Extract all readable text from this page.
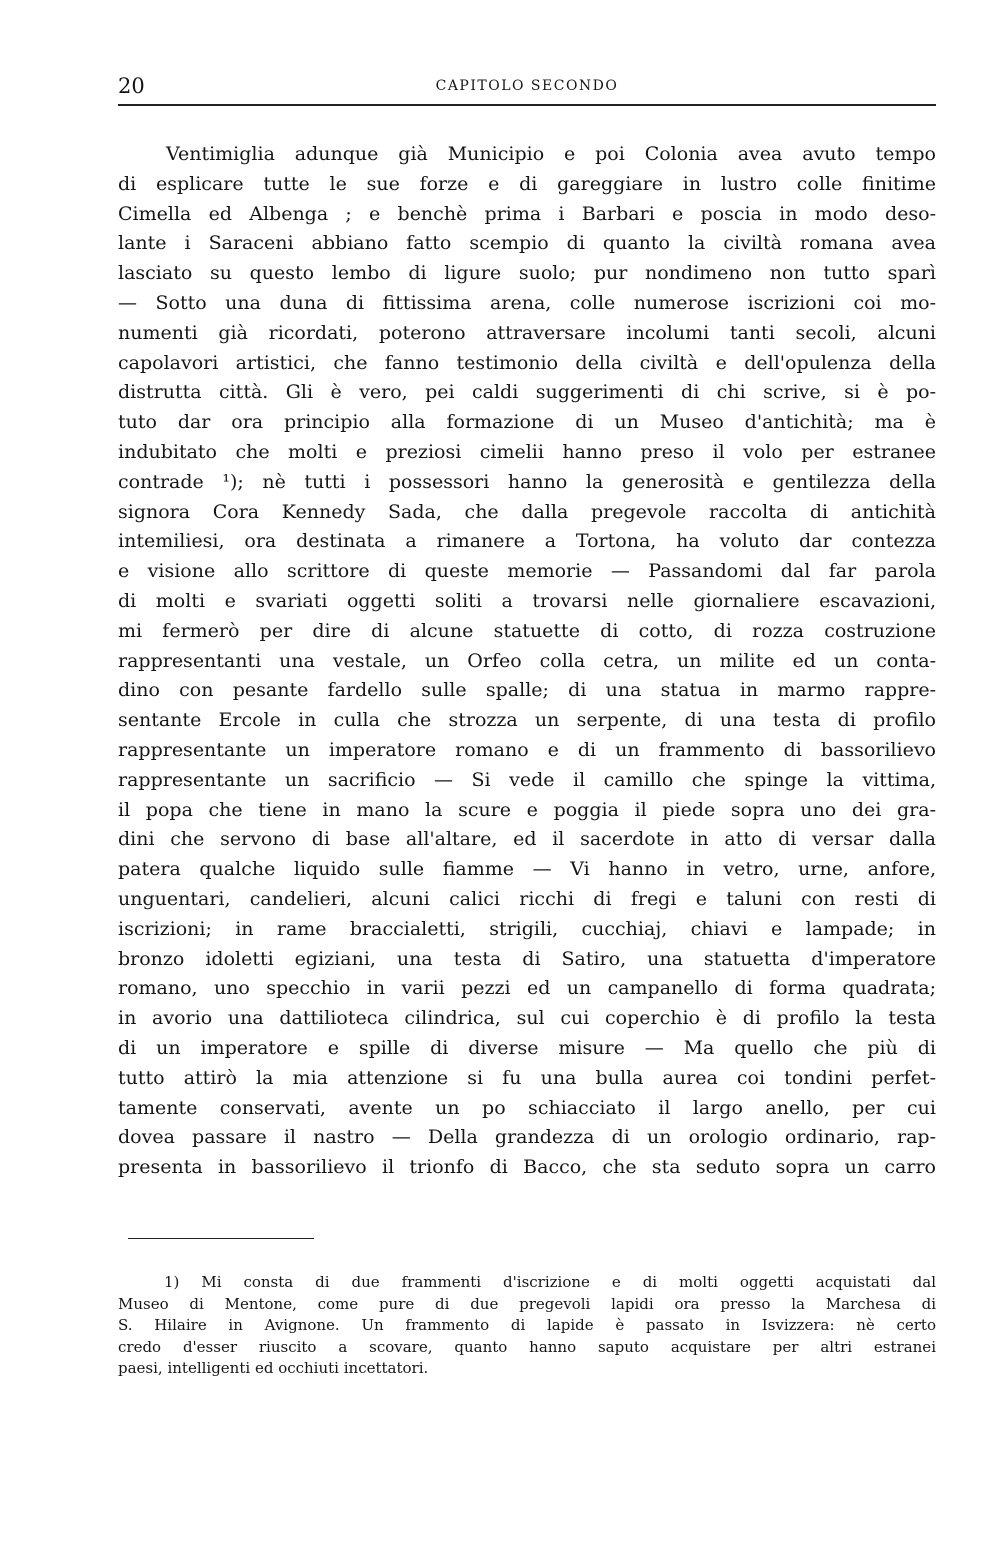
20	CAPITOLO SECONDO
Ventimiglia adunque già Municipio e poi Colonia avea avuto tempo
di esplicare tutte le sue forze e di gareggiare in lustro colle finitime
Cimella ed Albenga ; e benchè prima i Barbari e poscia in modo deso-
lante i Saraceni abbiano fatto scempio di quanto la civiltà romana avea
lasciato su questo lembo di ligure suolo; pur nondimeno non tutto sparì
— Sotto una duna di fittissima arena, colle numerose iscrizioni coi mo-
numenti già ricordati, poterono attraversare incolumi tanti secoli, alcuni
capolavori artistici, che fanno testimonio della civiltà e dell'opulenza della
distrutta città. Gli è vero, pei caldi suggerimenti di chi scrive, si è po-
tuto dar ora principio alla formazione di un Museo d'antichità; ma è
indubitato che molti e preziosi cimelii hanno preso il volo per estranee
contrade ¹); nè tutti i possessori hanno la generosità e gentilezza della
signora Cora Kennedy Sada, che dalla pregevole raccolta di antichità
intemiliesi, ora destinata a rimanere a Tortona, ha voluto dar contezza
e visione allo scrittore di queste memorie — Passandomi dal far parola
di molti e svariati oggetti soliti a trovarsi nelle giornaliere escavazioni,
mi fermerò per dire di alcune statuette di cotto, di rozza costruzione
rappresentanti una vestale, un Orfeo colla cetra, un milite ed un conta-
dino con pesante fardello sulle spalle; di una statua in marmo rappre-
sentante Ercole in culla che strozza un serpente, di una testa di profilo
rappresentante un imperatore romano e di un frammento di bassorilievo
rappresentante un sacrificio — Si vede il camillo che spinge la vittima,
il popa che tiene in mano la scure e poggia il piede sopra uno dei gra-
dini che servono di base all'altare, ed il sacerdote in atto di versar dalla
patera qualche liquido sulle fiamme — Vi hanno in vetro, urne, anfore,
unguentari, candelieri, alcuni calici ricchi di fregi e taluni con resti di
iscrizioni; in rame braccialetti, strigili, cucchiaj, chiavi e lampade; in
bronzo idoletti egiziani, una testa di Satiro, una statuetta d'imperatore
romano, uno specchio in varii pezzi ed un campanello di forma quadrata;
in avorio una dattilioteca cilindrica, sul cui coperchio è di profilo la testa
di un imperatore e spille di diverse misure — Ma quello che più di
tutto attirò la mia attenzione si fu una bulla aurea coi tondini perfet-
tamente conservati, avente un po schiacciato il largo anello, per cui
dovea passare il nastro — Della grandezza di un orologio ordinario, rap-
presenta in bassorilievo il trionfo di Bacco, che sta seduto sopra un carro
1) Mi consta di due frammenti d'iscrizione e di molti oggetti acquistati dal
Museo di Mentone, come pure di due pregevoli lapidi ora presso la Marchesa di
S. Hilaire in Avignone. Un frammento di lapide è passato in Isvizzera: nè certo
credo d'esser riuscito a scovare, quanto hanno saputo acquistare per altri estranei
paesi, intelligenti ed occhiuti incettatori.
